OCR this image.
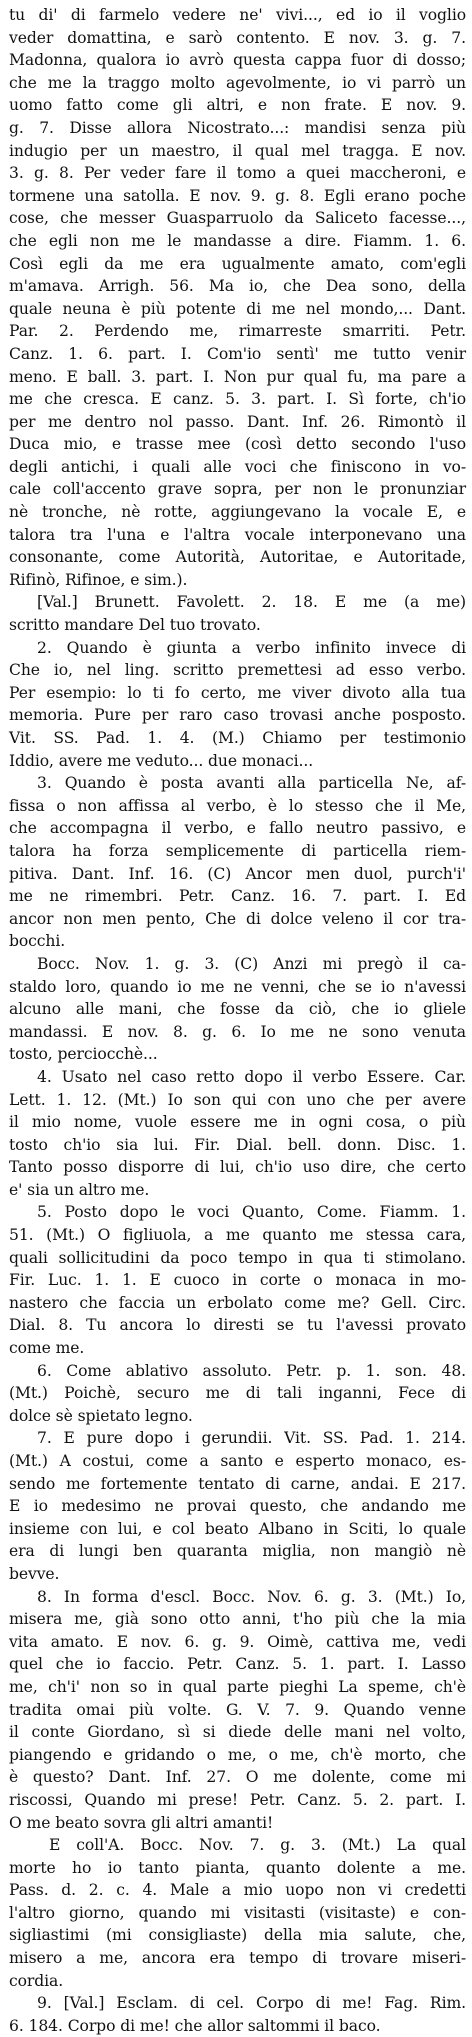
tu di' di farmelo vedere ne' vivi..., ed io il voglio
veder domattina, e sarò contento. E nov. 3. g. 7.
Madonna, qualora io avrò questa cappa fuor di dosso;
che me la traggo molto agevolmente, io vi parrò un
uomo fatto come gli altri, e non frate. E nov. 9.
g. 7. Disse allora Nicostrato...: mandisi senza più
indugio per un maestro, il qual mel tragga. E nov.
3. g. 8. Per veder fare il tomo a quei maccheroni, e
tormene una satolla. E nov. 9. g. 8. Egli erano poche
cose, che messer Guasparruolo da Saliceto facesse...,
che egli non me le mandasse a dire. Fiamm. 1. 6.
Così egli da me era ugualmente amato, com'egli
m'amava. Arrigh. 56. Ma io, che Dea sono, della
quale neuna è più potente di me nel mondo,... Dant.
Par. 2. Perdendo me, rimarreste smarriti. Petr.
Canz. 1. 6. part. I. Com'io sentì' me tutto venir
meno. E ball. 3. part. I. Non pur qual fu, ma pare a
me che cresca. E canz. 5. 3. part. I. Sì forte, ch'io
per me dentro nol passo. Dant. Inf. 26. Rimontò il
Duca mio, e trasse mee (così detto secondo l'uso
degli antichi, i quali alle voci che finiscono in vo-
cale coll'accento grave sopra, per non le pronunziar
nè tronche, nè rotte, aggiungevano la vocale E, e
talora tra l'una e l'altra vocale interponevano una
consonante, come Autorità, Autoritae, e Autoritade,
Rifinò, Rifinoe, e sim.).
[Val.] Brunett. Favolett. 2. 18. E me (a me)
scritto mandare Del tuo trovato.
2. Quando è giunta a verbo infinito invece di
Che io, nel ling. scritto premettesi ad esso verbo.
Per esempio: lo ti fo certo, me viver divoto alla tua
memoria. Pure per raro caso trovasi anche posposto.
Vit. SS. Pad. 1. 4. (M.) Chiamo per testimonio
Iddio, avere me veduto... due monaci...
3. Quando è posta avanti alla particella Ne, af-
fissa o non affissa al verbo, è lo stesso che il Me,
che accompagna il verbo, e fallo neutro passivo, e
talora ha forza semplicemente di particella riem-
pitiva. Dant. Inf. 16. (C) Ancor men duol, purch'i'
me ne rimembri. Petr. Canz. 16. 7. part. I. Ed
ancor non men pento, Che di dolce veleno il cor tra-
bocchi.
Bocc. Nov. 1. g. 3. (C) Anzi mi pregò il ca-
staldo loro, quando io me ne venni, che se io n'avessi
alcuno alle mani, che fosse da ciò, che io gliele
mandassi. E nov. 8. g. 6. Io me ne sono venuta
tosto, perciocchè...
4. Usato nel caso retto dopo il verbo Essere. Car.
Lett. 1. 12. (Mt.) Io son qui con uno che per avere
il mio nome, vuole essere me in ogni cosa, o più
tosto ch'io sia lui. Fir. Dial. bell. donn. Disc. 1.
Tanto posso disporre di lui, ch'io uso dire, che certo
e' sia un altro me.
5. Posto dopo le voci Quanto, Come. Fiamm. 1.
51. (Mt.) O figliuola, a me quanto me stessa cara,
quali sollicitudini da poco tempo in qua ti stimolano.
Fir. Luc. 1. 1. E cuoco in corte o monaca in mo-
nastero che faccia un erbolato come me? Gell. Circ.
Dial. 8. Tu ancora lo diresti se tu l'avessi provato
come me.
6. Come ablativo assoluto. Petr. p. 1. son. 48.
(Mt.) Poichè, securo me di tali inganni, Fece di
dolce sè spietato legno.
7. E pure dopo i gerundii. Vit. SS. Pad. 1. 214.
(Mt.) A costui, come a santo e esperto monaco, es-
sendo me fortemente tentato di carne, andai. E 217.
E io medesimo ne provai questo, che andando me
insieme con lui, e col beato Albano in Sciti, lo quale
era di lungi ben quaranta miglia, non mangiò nè
bevve.
8. In forma d'escl. Bocc. Nov. 6. g. 3. (Mt.) Io,
misera me, già sono otto anni, t'ho più che la mia
vita amato. E nov. 6. g. 9. Oimè, cattiva me, vedi
quel che io faccio. Petr. Canz. 5. 1. part. I. Lasso
me, ch'i' non so in qual parte pieghi La speme, ch'è
tradita omai più volte. G. V. 7. 9. Quando venne
il conte Giordano, sì si diede delle mani nel volto,
piangendo e gridando o me, o me, ch'è morto, che
è questo? Dant. Inf. 27. O me dolente, come mi
riscossi, Quando mi prese! Petr. Canz. 5. 2. part. I.
O me beato sovra gli altri amanti!
E coll'A. Bocc. Nov. 7. g. 3. (Mt.) La qual
morte ho io tanto pianta, quanto dolente a me.
Pass. d. 2. c. 4. Male a mio uopo non vi credetti
l'altro giorno, quando mi visitasti (visitaste) e con-
sigliastimi (mi consigliaste) della mia salute, che,
misero a me, ancora era tempo di trovare miseri-
cordia.
9. [Val.] Esclam. di cel. Corpo di me! Fag. Rim.
6. 184. Corpo di me! che allor saltommi il baco.
